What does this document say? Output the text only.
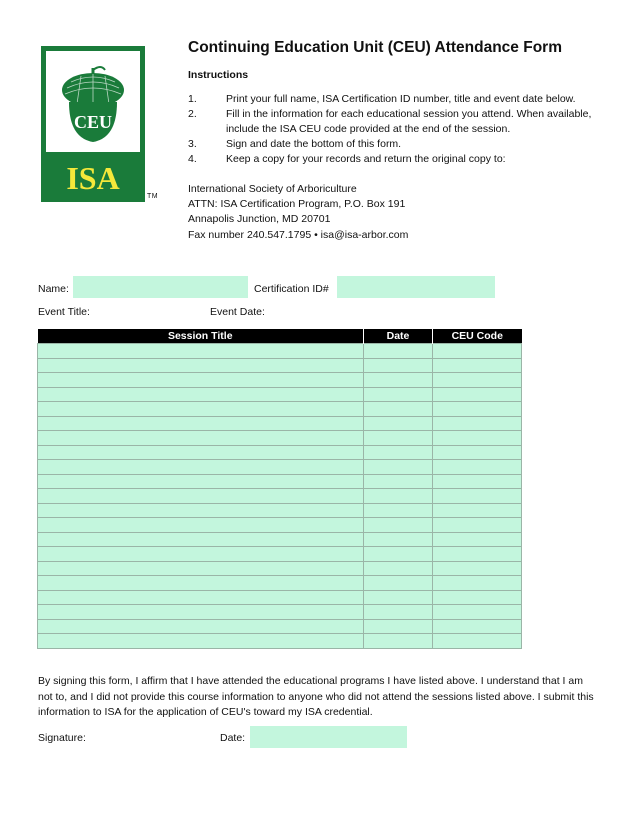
CEU
ISA
TM
Continuing Education Unit (CEU) Attendance Form
Instructions
1.	Print your full name, ISA Certification ID number, title and event date below.
2.	Fill in the information for each educational session you attend. When available, include the ISA CEU code provided at the end of the session.
3.	Sign and date the bottom of this form.
4.	Keep a copy for your records and return the original copy to:
International Society of Arboriculture
ATTN: ISA Certification Program, P.O. Box 191
Annapolis Junction, MD 20701
Fax number 240.547.1795 • isa@isa-arbor.com
Name:	Certification ID#
Event Title:	Event Date:
Session Title	Date	CEU Code

By signing this form, I affirm that I have attended the educational programs I have listed above. I understand that I am not to, and I did not provide this course information to anyone who did not attend the sessions listed above. I submit this information to ISA for the application of CEU's toward my ISA credential.
Signature:	Date:
